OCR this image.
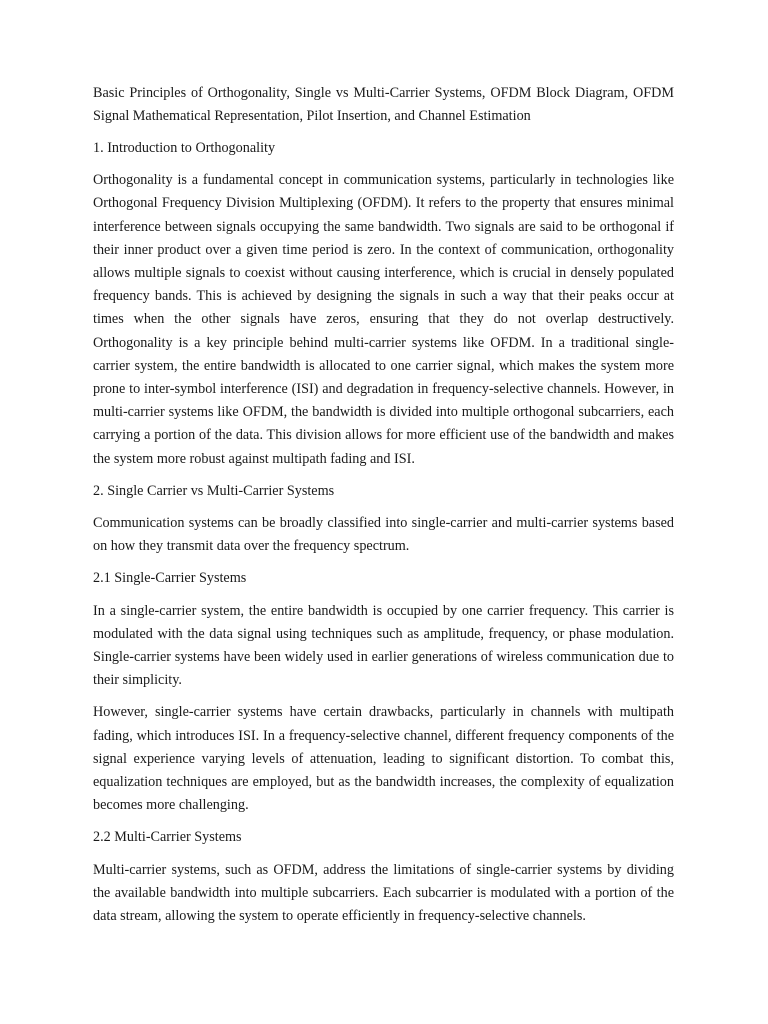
Basic Principles of Orthogonality, Single vs Multi-Carrier Systems, OFDM Block Diagram, OFDM Signal Mathematical Representation, Pilot Insertion, and Channel Estimation
1. Introduction to Orthogonality

Orthogonality is a fundamental concept in communication systems, particularly in technologies like Orthogonal Frequency Division Multiplexing (OFDM). It refers to the property that ensures minimal interference between signals occupying the same bandwidth. Two signals are said to be orthogonal if their inner product over a given time period is zero. In the context of communication, orthogonality allows multiple signals to coexist without causing interference, which is crucial in densely populated frequency bands. This is achieved by designing the signals in such a way that their peaks occur at times when the other signals have zeros, ensuring that they do not overlap destructively. Orthogonality is a key principle behind multi-carrier systems like OFDM. In a traditional single-carrier system, the entire bandwidth is allocated to one carrier signal, which makes the system more prone to inter-symbol interference (ISI) and degradation in frequency-selective channels. However, in multi-carrier systems like OFDM, the bandwidth is divided into multiple orthogonal subcarriers, each carrying a portion of the data. This division allows for more efficient use of the bandwidth and makes the system more robust against multipath fading and ISI.

2. Single Carrier vs Multi-Carrier Systems

Communication systems can be broadly classified into single-carrier and multi-carrier systems based on how they transmit data over the frequency spectrum.

2.1 Single-Carrier Systems

In a single-carrier system, the entire bandwidth is occupied by one carrier frequency. This carrier is modulated with the data signal using techniques such as amplitude, frequency, or phase modulation. Single-carrier systems have been widely used in earlier generations of wireless communication due to their simplicity.

However, single-carrier systems have certain drawbacks, particularly in channels with multipath fading, which introduces ISI. In a frequency-selective channel, different frequency components of the signal experience varying levels of attenuation, leading to significant distortion. To combat this, equalization techniques are employed, but as the bandwidth increases, the complexity of equalization becomes more challenging.

2.2 Multi-Carrier Systems

Multi-carrier systems, such as OFDM, address the limitations of single-carrier systems by dividing the available bandwidth into multiple subcarriers. Each subcarrier is modulated with a portion of the data stream, allowing the system to operate efficiently in frequency-selective channels.
